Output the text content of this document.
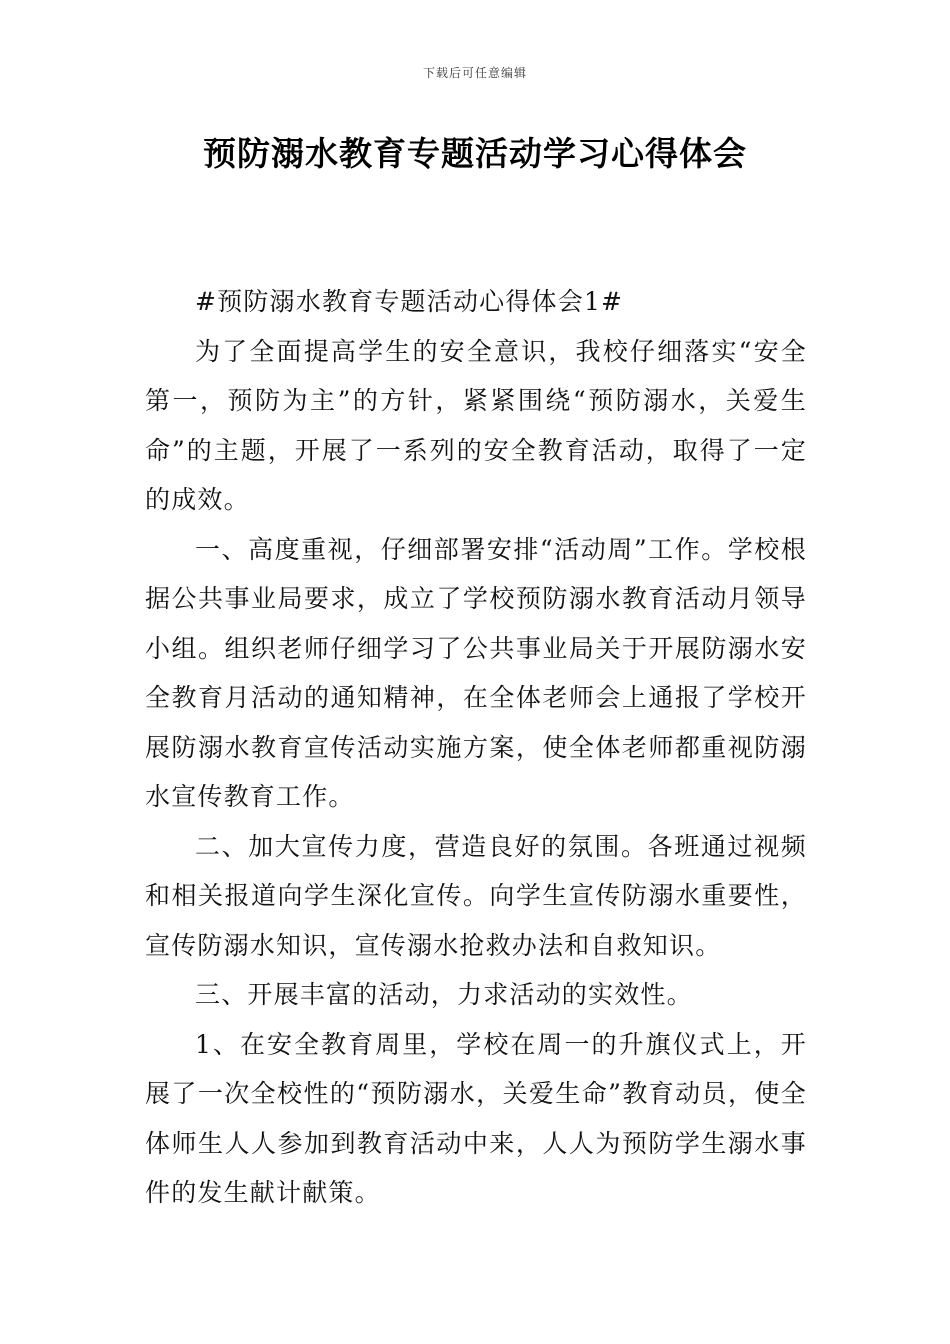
下载后可任意编辑
预防溺水教育专题活动学习心得体会

#预防溺水教育专题活动心得体会1#

为了全面提高学生的安全意识，我校仔细落实“安全第一，预防为主”的方针，紧紧围绕“预防溺水，关爱生命”的主题，开展了一系列的安全教育活动，取得了一定的成效。

一、高度重视，仔细部署安排“活动周”工作。学校根据公共事业局要求，成立了学校预防溺水教育活动月领导小组。组织老师仔细学习了公共事业局关于开展防溺水安全教育月活动的通知精神，在全体老师会上通报了学校开展防溺水教育宣传活动实施方案，使全体老师都重视防溺水宣传教育工作。

二、加大宣传力度，营造良好的氛围。各班通过视频和相关报道向学生深化宣传。向学生宣传防溺水重要性，宣传防溺水知识，宣传溺水抢救办法和自救知识。

三、开展丰富的活动，力求活动的实效性。

1、在安全教育周里，学校在周一的升旗仪式上，开展了一次全校性的“预防溺水，关爱生命”教育动员，使全体师生人人参加到教育活动中来，人人为预防学生溺水事件的发生献计献策。
